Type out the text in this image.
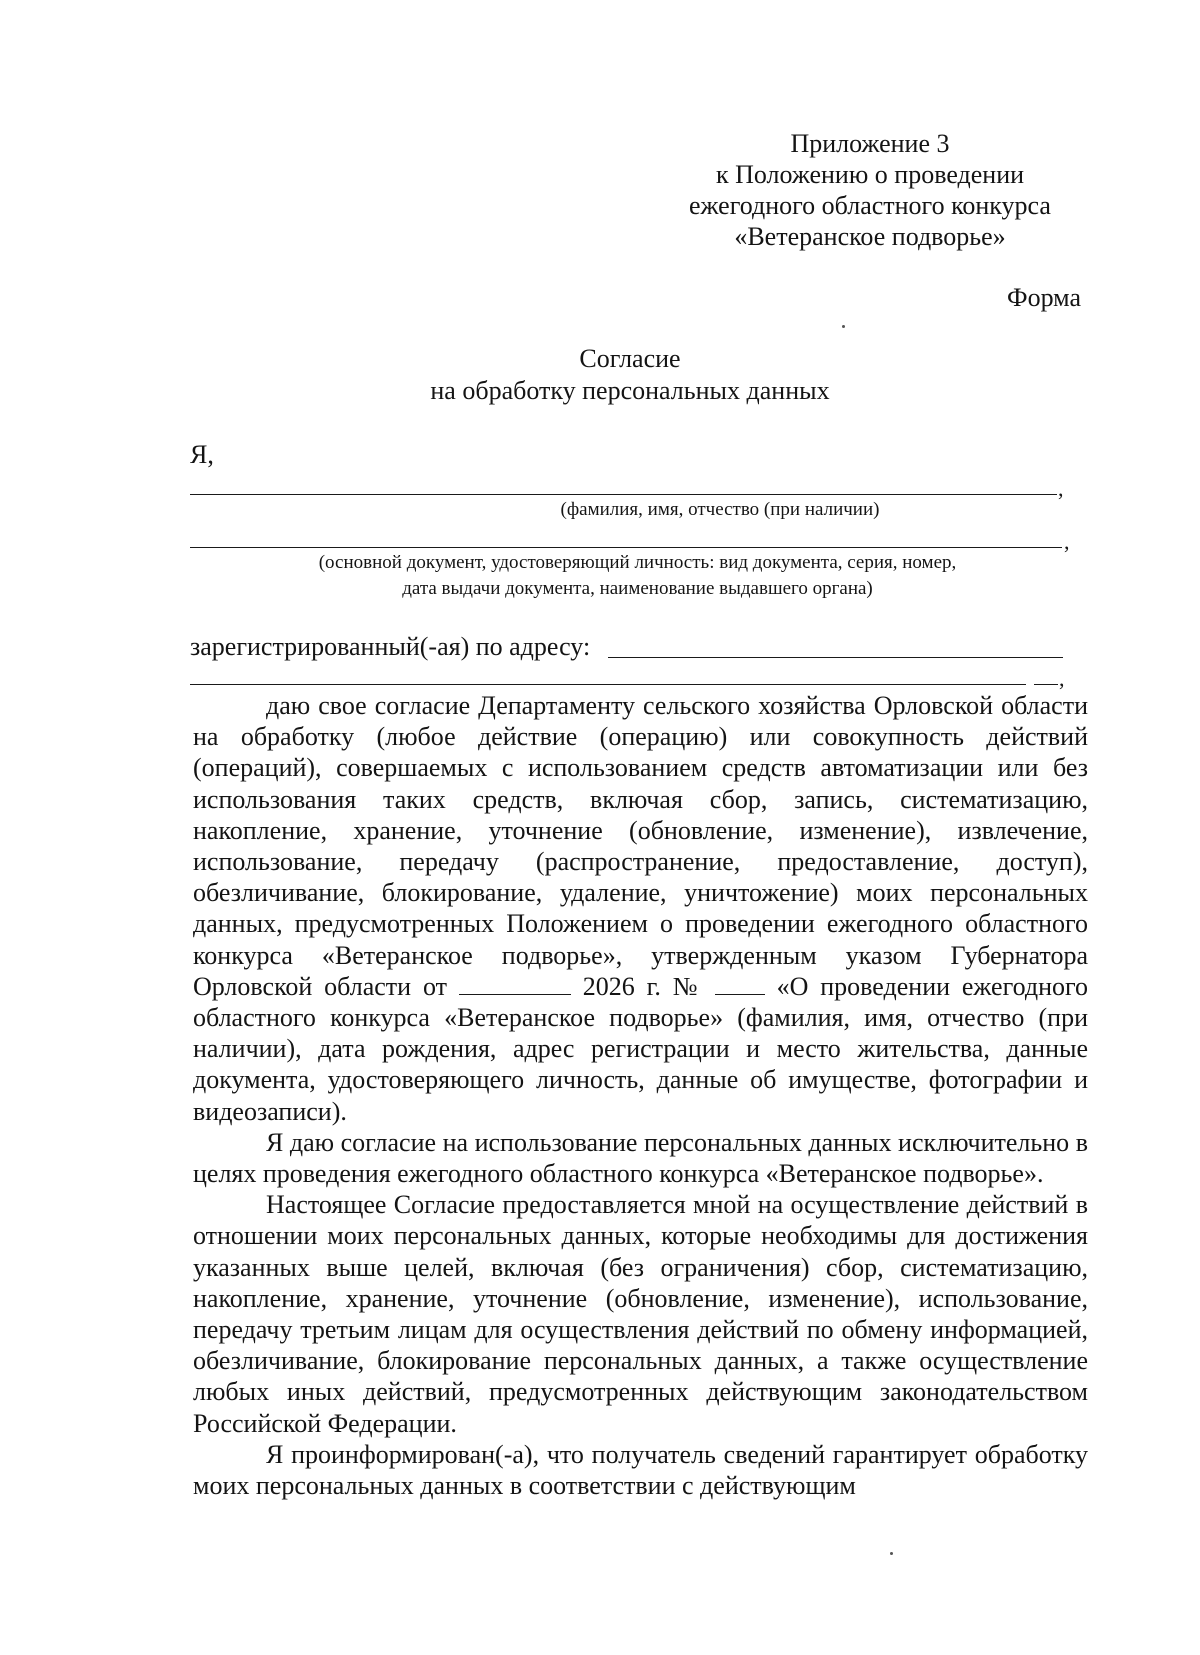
Приложение 3
к Положению о проведении
ежегодного областного конкурса
«Ветеранское подворье»
Форма
Согласие
на обработку персональных данных
Я,
,
(фамилия, имя, отчество (при наличии)
,
(основной документ, удостоверяющий личность: вид документа, серия, номер,
дата выдачи документа, наименование выдавшего органа)
зарегистрированный(-ая) по адресу:
,

даю свое согласие Департаменту сельского хозяйства Орловской области на обработку (любое действие (операцию) или совокупность действий (операций), совершаемых с использованием средств автоматизации или без использования таких средств, включая сбор, запись, систематизацию, накопление, хранение, уточнение (обновление, изменение), извлечение, использование, передачу (распространение, предоставление, доступ), обезличивание, блокирование, удаление, уничтожение) моих персональных данных, предусмотренных Положением о проведении ежегодного областного конкурса «Ветеранское подворье», утвержденным указом Губернатора Орловской области от	2026 г. №	«О проведении ежегодного областного конкурса «Ветеранское подворье» (фамилия, имя, отчество (при наличии), дата рождения, адрес регистрации и место жительства, данные документа, удостоверяющего личность, данные об имуществе, фотографии и видеозаписи).

Я даю согласие на использование персональных данных исключительно в целях проведения ежегодного областного конкурса «Ветеранское подворье».

Настоящее Согласие предоставляется мной на осуществление действий в отношении моих персональных данных, которые необходимы для достижения указанных выше целей, включая (без ограничения) сбор, систематизацию, накопление, хранение, уточнение (обновление, изменение), использование, передачу третьим лицам для осуществления действий по обмену информацией, обезличивание, блокирование персональных данных, а также осуществление любых иных действий, предусмотренных действующим законодательством Российской Федерации.

Я проинформирован(-а), что получатель сведений гарантирует обработку моих персональных данных в соответствии с действующим
